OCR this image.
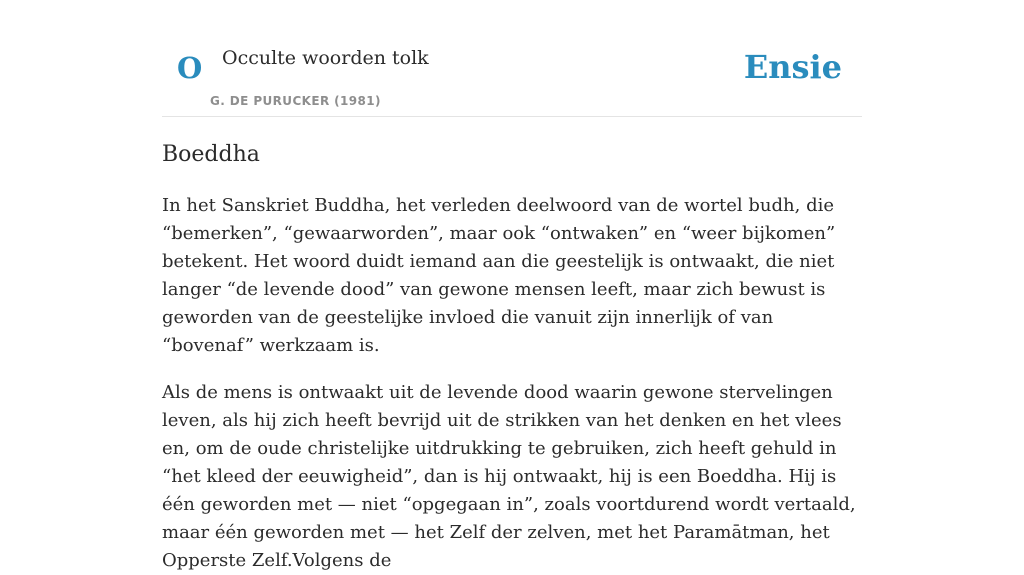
O Occulte woorden tolk
G. DE PURUCKER (1981)
Ensie
Boeddha

In het Sanskriet Buddha, het verleden deelwoord van de wortel budh, die “bemerken”, “gewaarworden”, maar ook “ontwaken” en “weer bijkomen” betekent. Het woord duidt iemand aan die geestelijk is ontwaakt, die niet langer “de levende dood” van gewone mensen leeft, maar zich bewust is geworden van de geestelijke invloed die vanuit zijn innerlijk of van “bovenaf” werkzaam is.

Als de mens is ontwaakt uit de levende dood waarin gewone stervelingen leven, als hij zich heeft bevrijd uit de strikken van het denken en het vlees en, om de oude christelijke uitdrukking te gebruiken, zich heeft gehuld in “het kleed der eeuwigheid”, dan is hij ontwaakt, hij is een Boeddha. Hij is één geworden met — niet “opgegaan in”, zoals voortdurend wordt vertaald, maar één geworden met — het Zelf der zelven, met het Paramātman, het Opperste Zelf.Volgens de
